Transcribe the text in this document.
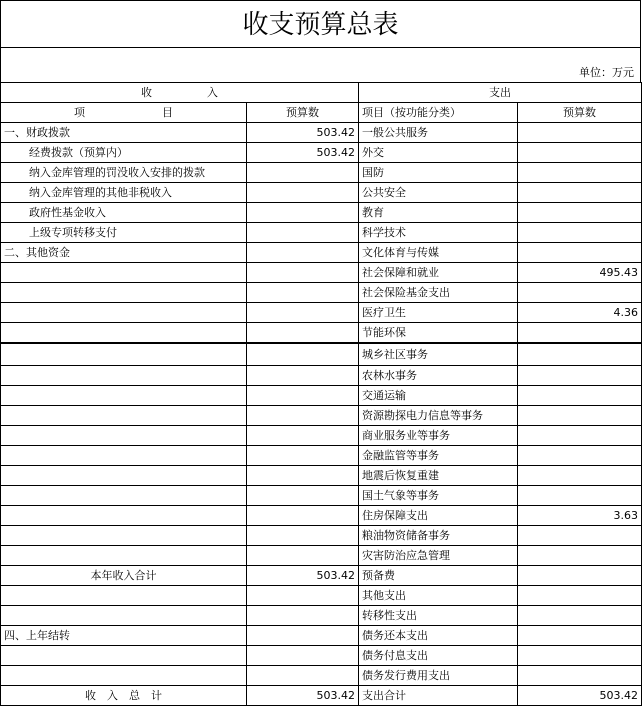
收支预算总表
单位：万元
收　　　　　入		支出	
项　　　　　　　目	预算数	项目（按功能分类）	预算数
一、财政拨款	503.42	一般公共服务	
经费拨款（预算内）	503.42	外交	
纳入金库管理的罚没收入安排的拨款		国防	
纳入金库管理的其他非税收入		公共安全	
政府性基金收入		教育	
上级专项转移支付		科学技术	
二、其他资金		文化体育与传媒	
		社会保障和就业	495.43
		社会保险基金支出	
		医疗卫生	4.36
		节能环保	
		城乡社区事务	
		农林水事务	
		交通运输	
		资源勘探电力信息等事务	
		商业服务业等事务	
		金融监管等事务	
		地震后恢复重建	
		国土气象等事务	
		住房保障支出	3.63
		粮油物资储备事务	
		灾害防治应急管理	
本年收入合计	503.42	预备费	
		其他支出	
		转移性支出	
四、上年结转		债务还本支出	
		债务付息支出	
		债务发行费用支出	
收　入　总　计	503.42	支出合计	503.42
